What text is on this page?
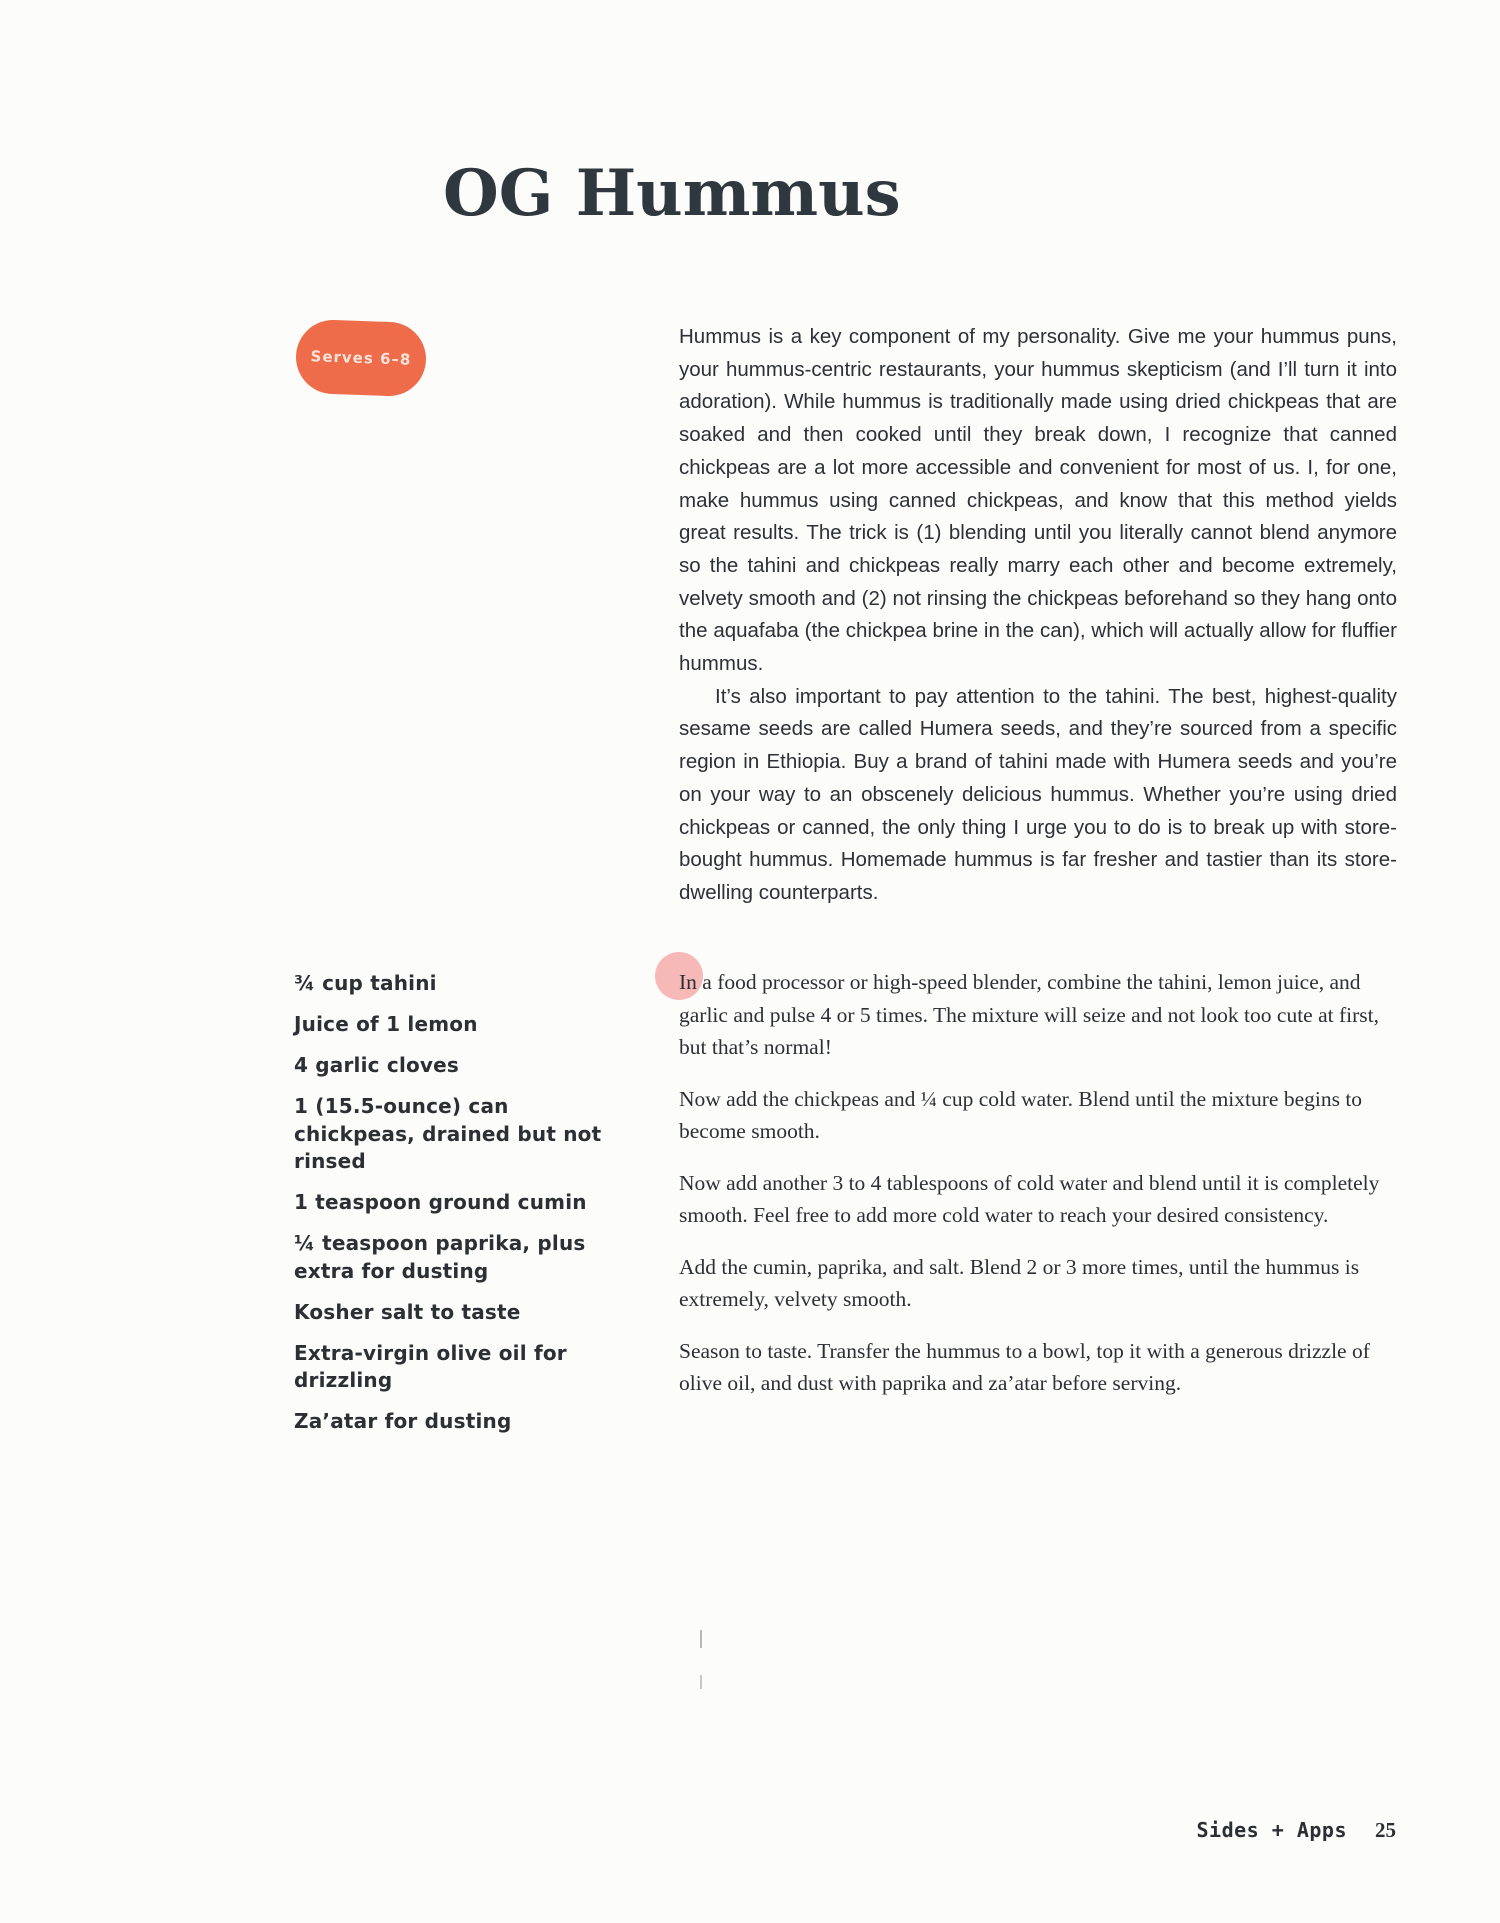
OG Hummus
Serves 6–8

Hummus is a key component of my personality. Give me your hummus puns, your hummus-centric restaurants, your hummus skepticism (and I’ll turn it into adoration). While hummus is traditionally made using dried chickpeas that are soaked and then cooked until they break down, I recognize that canned chickpeas are a lot more accessible and convenient for most of us. I, for one, make hummus using canned chickpeas, and know that this method yields great results. The trick is (1) blending until you literally cannot blend anymore so the tahini and chickpeas really marry each other and become extremely, velvety smooth and (2) not rinsing the chickpeas beforehand so they hang onto the aquafaba (the chickpea brine in the can), which will actually allow for fluffier hummus.

It’s also important to pay attention to the tahini. The best, highest-quality sesame seeds are called Humera seeds, and they’re sourced from a specific region in Ethiopia. Buy a brand of tahini made with Humera seeds and you’re on your way to an obscenely delicious hummus. Whether you’re using dried chickpeas or canned, the only thing I urge you to do is to break up with store-bought hummus. Homemade hummus is far fresher and tastier than its store-dwelling counterparts.

¾ cup tahini
Juice of 1 lemon
4 garlic cloves
1 (15.5-ounce) can chickpeas, drained but not rinsed
1 teaspoon ground cumin
¼ teaspoon paprika, plus extra for dusting
Kosher salt to taste
Extra-virgin olive oil for drizzling
Za’atar for dusting

In a food processor or high-speed blender, combine the tahini, lemon juice, and garlic and pulse 4 or 5 times. The mixture will seize and not look too cute at first, but that’s normal!

Now add the chickpeas and ¼ cup cold water. Blend until the mixture begins to become smooth.

Now add another 3 to 4 tablespoons of cold water and blend until it is completely smooth. Feel free to add more cold water to reach your desired consistency.

Add the cumin, paprika, and salt. Blend 2 or 3 more times, until the hummus is extremely, velvety smooth.

Season to taste. Transfer the hummus to a bowl, top it with a generous drizzle of olive oil, and dust with paprika and za’atar before serving.

Sides + Apps 25
